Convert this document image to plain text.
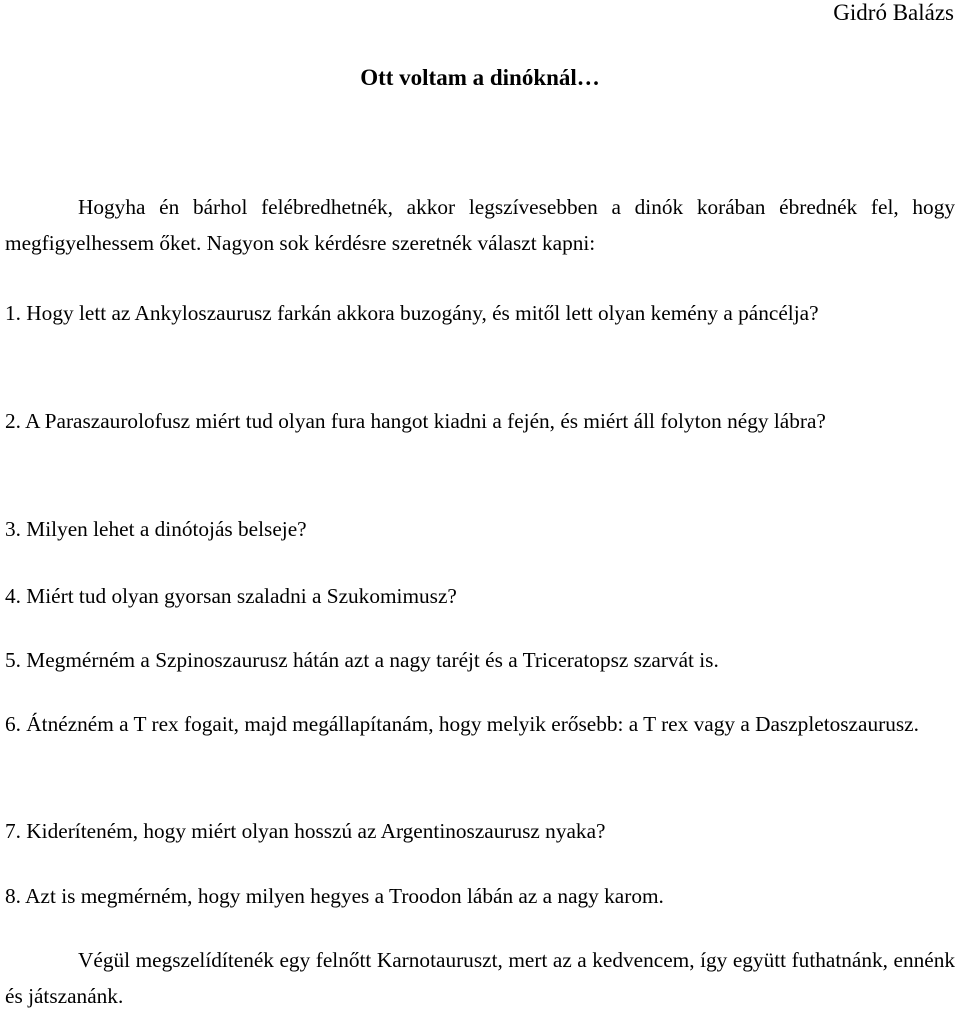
Gidró Balázs
Ott voltam a dinóknál…

Hogyha én bárhol felébredhetnék, akkor legszívesebben a dinók korában ébrednék fel, hogy megfigyelhessem őket. Nagyon sok kérdésre szeretnék választ kapni:

1. Hogy lett az Ankyloszaurusz farkán akkora buzogány, és mitől lett olyan kemény a páncélja?

2. A Paraszaurolofusz miért tud olyan fura hangot kiadni a fején, és miért áll folyton négy lábra?

3. Milyen lehet a dinótojás belseje?

4. Miért tud olyan gyorsan szaladni a Szukomimusz?

5. Megmérném a Szpinoszaurusz hátán azt a nagy taréjt és a Triceratopsz szarvát is.

6. Átnézném a T rex fogait, majd megállapítanám, hogy melyik erősebb: a T rex vagy a Daszpletoszaurusz.

7. Kideríteném, hogy miért olyan hosszú az Argentinoszaurusz nyaka?

8. Azt is megmérném, hogy milyen hegyes a Troodon lábán az a nagy karom.

Végül megszelídítenék egy felnőtt Karnotauruszt, mert az a kedvencem, így együtt futhatnánk, ennénk és játszanánk.
